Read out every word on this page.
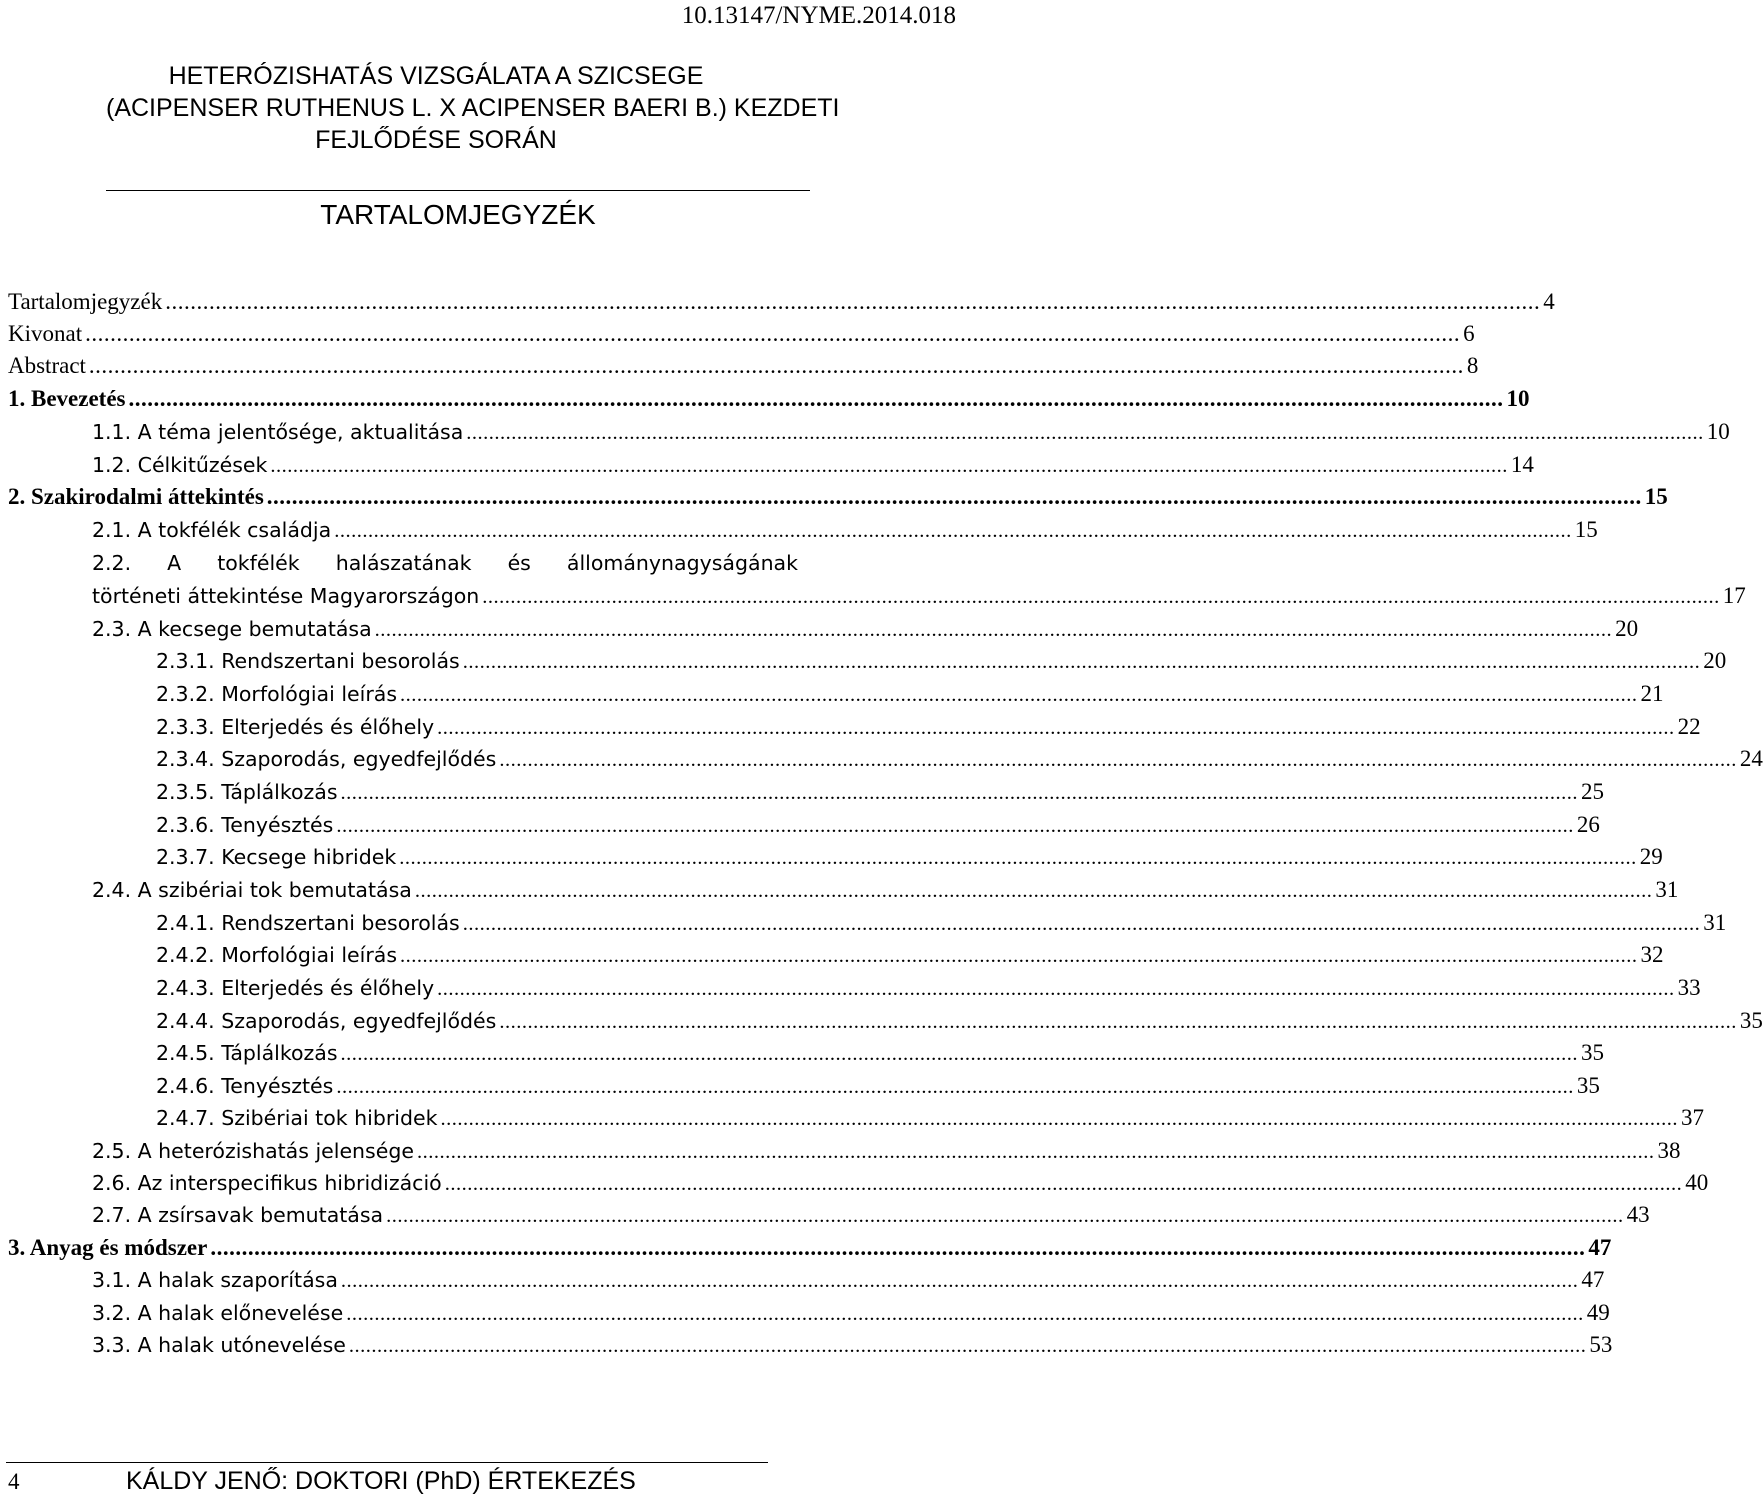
10.13147/NYME.2014.018
HETERÓZISHATÁS VIZSGÁLATA A SZICSEGE
(ACIPENSER RUTHENUS L. X ACIPENSER BAERI B.) KEZDETI
FEJLŐDÉSE SORÁN
TARTALOMJEGYZÉK
Tartalomjegyzék ............................................................................................................................................................................................................................ 4
Kivonat ............................................................................................................................................................................................................................ 6
Abstract ............................................................................................................................................................................................................................ 8
1. Bevezetés ............................................................................................................................................................................................................................ 10
1.1. A téma jelentősége, aktualitása ............................................................................................................................................................................................................................ 10
1.2. Célkitűzések ............................................................................................................................................................................................................................ 14
2. Szakirodalmi áttekintés ............................................................................................................................................................................................................................ 15
2.1. A tokfélék családja ............................................................................................................................................................................................................................ 15
2.2. A tokfélék halászatának és állománynagyságának
történeti áttekintése Magyarországon ............................................................................................................................................................................................................................ 17
2.3. A kecsege bemutatása ............................................................................................................................................................................................................................ 20
2.3.1. Rendszertani besorolás ............................................................................................................................................................................................................................ 20
2.3.2. Morfológiai leírás ............................................................................................................................................................................................................................ 21
2.3.3. Elterjedés és élőhely ............................................................................................................................................................................................................................ 22
2.3.4. Szaporodás, egyedfejlődés ............................................................................................................................................................................................................................ 24
2.3.5. Táplálkozás ............................................................................................................................................................................................................................ 25
2.3.6. Tenyésztés ............................................................................................................................................................................................................................ 26
2.3.7. Kecsege hibridek ............................................................................................................................................................................................................................ 29
2.4. A szibériai tok bemutatása ............................................................................................................................................................................................................................ 31
2.4.1. Rendszertani besorolás ............................................................................................................................................................................................................................ 31
2.4.2. Morfológiai leírás ............................................................................................................................................................................................................................ 32
2.4.3. Elterjedés és élőhely ............................................................................................................................................................................................................................ 33
2.4.4. Szaporodás, egyedfejlődés ............................................................................................................................................................................................................................ 35
2.4.5. Táplálkozás ............................................................................................................................................................................................................................ 35
2.4.6. Tenyésztés ............................................................................................................................................................................................................................ 35
2.4.7. Szibériai tok hibridek ............................................................................................................................................................................................................................ 37
2.5. A heterózishatás jelensége ............................................................................................................................................................................................................................ 38
2.6. Az interspecifikus hibridizáció ............................................................................................................................................................................................................................ 40
2.7. A zsírsavak bemutatása ............................................................................................................................................................................................................................ 43
3. Anyag és módszer ............................................................................................................................................................................................................................ 47
3.1. A halak szaporítása ............................................................................................................................................................................................................................ 47
3.2. A halak előnevelése ............................................................................................................................................................................................................................ 49
3.3. A halak utónevelése ............................................................................................................................................................................................................................ 53
4	KÁLDY JENŐ: DOKTORI (PhD) ÉRTEKEZÉS
